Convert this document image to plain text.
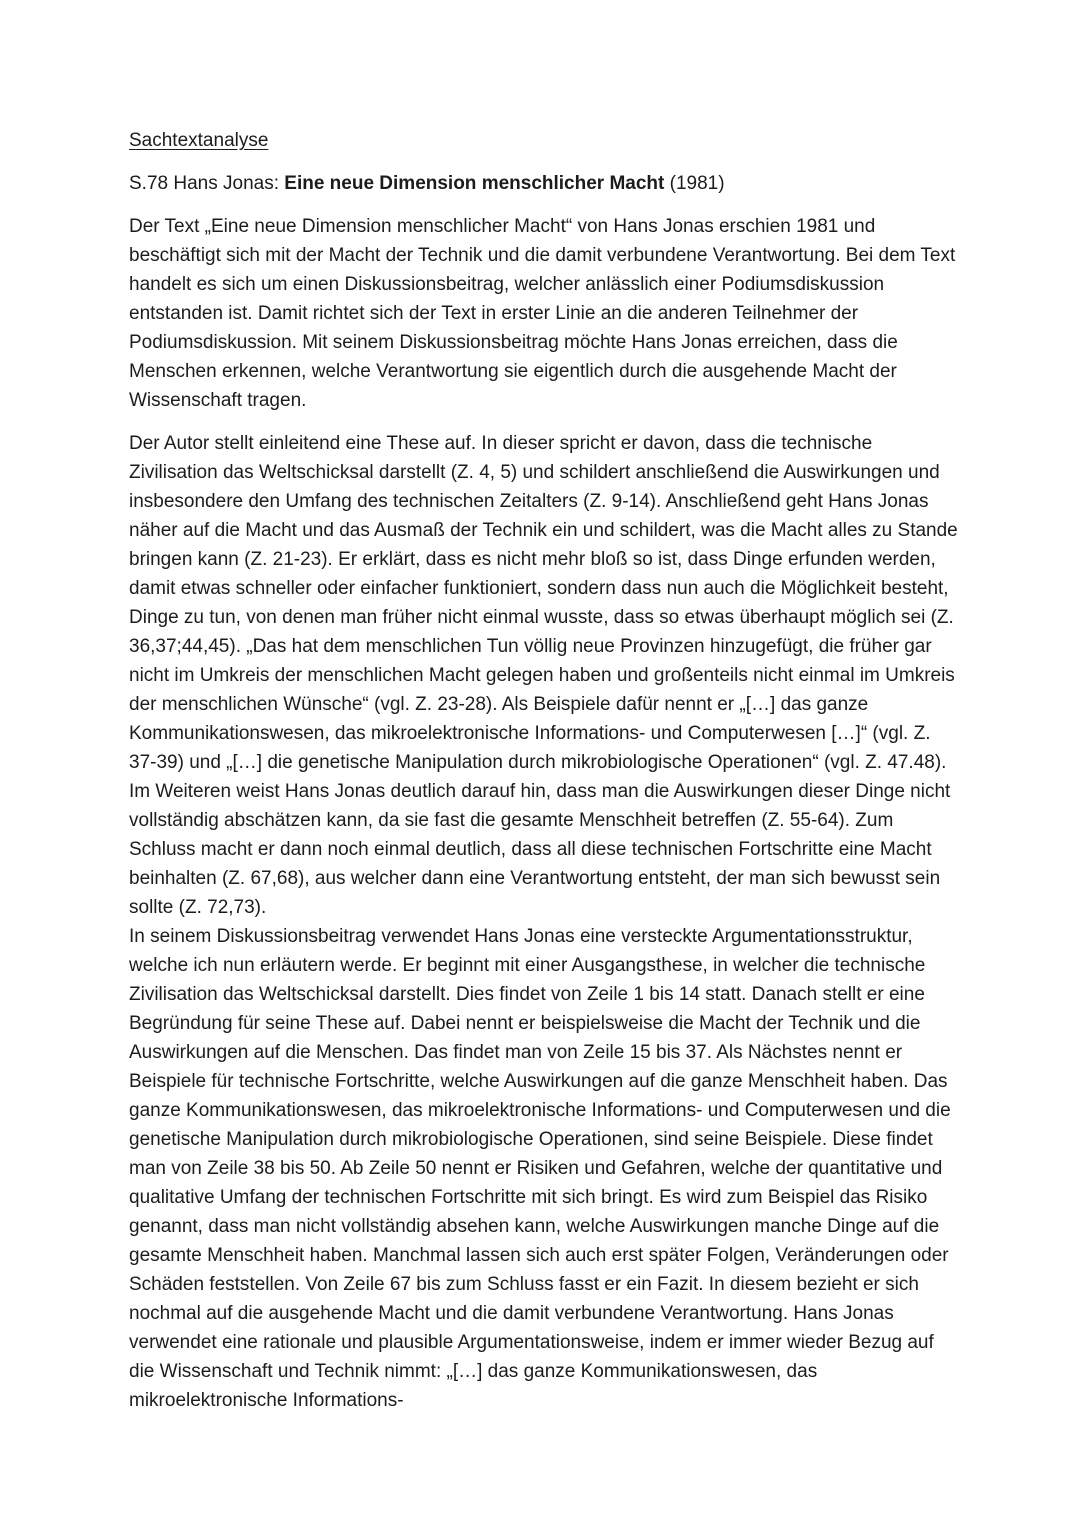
Sachtextanalyse

S.78 Hans Jonas: Eine neue Dimension menschlicher Macht (1981)

Der Text „Eine neue Dimension menschlicher Macht“ von Hans Jonas erschien 1981 und beschäftigt sich mit der Macht der Technik und die damit verbundene Verantwortung. Bei dem Text handelt es sich um einen Diskussionsbeitrag, welcher anlässlich einer Podiumsdiskussion entstanden ist. Damit richtet sich der Text in erster Linie an die anderen Teilnehmer der Podiumsdiskussion. Mit seinem Diskussionsbeitrag möchte Hans Jonas erreichen, dass die Menschen erkennen, welche Verantwortung sie eigentlich durch die ausgehende Macht der Wissenschaft tragen.

Der Autor stellt einleitend eine These auf. In dieser spricht er davon, dass die technische Zivilisation das Weltschicksal darstellt (Z. 4, 5) und schildert anschließend die Auswirkungen und insbesondere den Umfang des technischen Zeitalters (Z. 9-14). Anschließend geht Hans Jonas näher auf die Macht und das Ausmaß der Technik ein und schildert, was die Macht alles zu Stande bringen kann (Z. 21-23). Er erklärt, dass es nicht mehr bloß so ist, dass Dinge erfunden werden, damit etwas schneller oder einfacher funktioniert, sondern dass nun auch die Möglichkeit besteht, Dinge zu tun, von denen man früher nicht einmal wusste, dass so etwas überhaupt möglich sei (Z. 36,37;44,45). „Das hat dem menschlichen Tun völlig neue Provinzen hinzugefügt, die früher gar nicht im Umkreis der menschlichen Macht gelegen haben und großenteils nicht einmal im Umkreis der menschlichen Wünsche“ (vgl. Z. 23-28). Als Beispiele dafür nennt er „[…] das ganze Kommunikationswesen, das mikroelektronische Informations- und Computerwesen […]“ (vgl. Z. 37-39) und „[…] die genetische Manipulation durch mikrobiologische Operationen“ (vgl. Z. 47.48). Im Weiteren weist Hans Jonas deutlich darauf hin, dass man die Auswirkungen dieser Dinge nicht vollständig abschätzen kann, da sie fast die gesamte Menschheit betreffen (Z. 55-64). Zum Schluss macht er dann noch einmal deutlich, dass all diese technischen Fortschritte eine Macht beinhalten (Z. 67,68), aus welcher dann eine Verantwortung entsteht, der man sich bewusst sein sollte (Z. 72,73).

In seinem Diskussionsbeitrag verwendet Hans Jonas eine versteckte Argumentationsstruktur, welche ich nun erläutern werde. Er beginnt mit einer Ausgangsthese, in welcher die technische Zivilisation das Weltschicksal darstellt. Dies findet von Zeile 1 bis 14 statt. Danach stellt er eine Begründung für seine These auf. Dabei nennt er beispielsweise die Macht der Technik und die Auswirkungen auf die Menschen. Das findet man von Zeile 15 bis 37. Als Nächstes nennt er Beispiele für technische Fortschritte, welche Auswirkungen auf die ganze Menschheit haben. Das ganze Kommunikationswesen, das mikroelektronische Informations- und Computerwesen und die genetische Manipulation durch mikrobiologische Operationen, sind seine Beispiele. Diese findet man von Zeile 38 bis 50. Ab Zeile 50 nennt er Risiken und Gefahren, welche der quantitative und qualitative Umfang der technischen Fortschritte mit sich bringt. Es wird zum Beispiel das Risiko genannt, dass man nicht vollständig absehen kann, welche Auswirkungen manche Dinge auf die gesamte Menschheit haben. Manchmal lassen sich auch erst später Folgen, Veränderungen oder Schäden feststellen. Von Zeile 67 bis zum Schluss fasst er ein Fazit. In diesem bezieht er sich nochmal auf die ausgehende Macht und die damit verbundene Verantwortung. Hans Jonas verwendet eine rationale und plausible Argumentationsweise, indem er immer wieder Bezug auf die Wissenschaft und Technik nimmt: „[…] das ganze Kommunikationswesen, das mikroelektronische Informations-
